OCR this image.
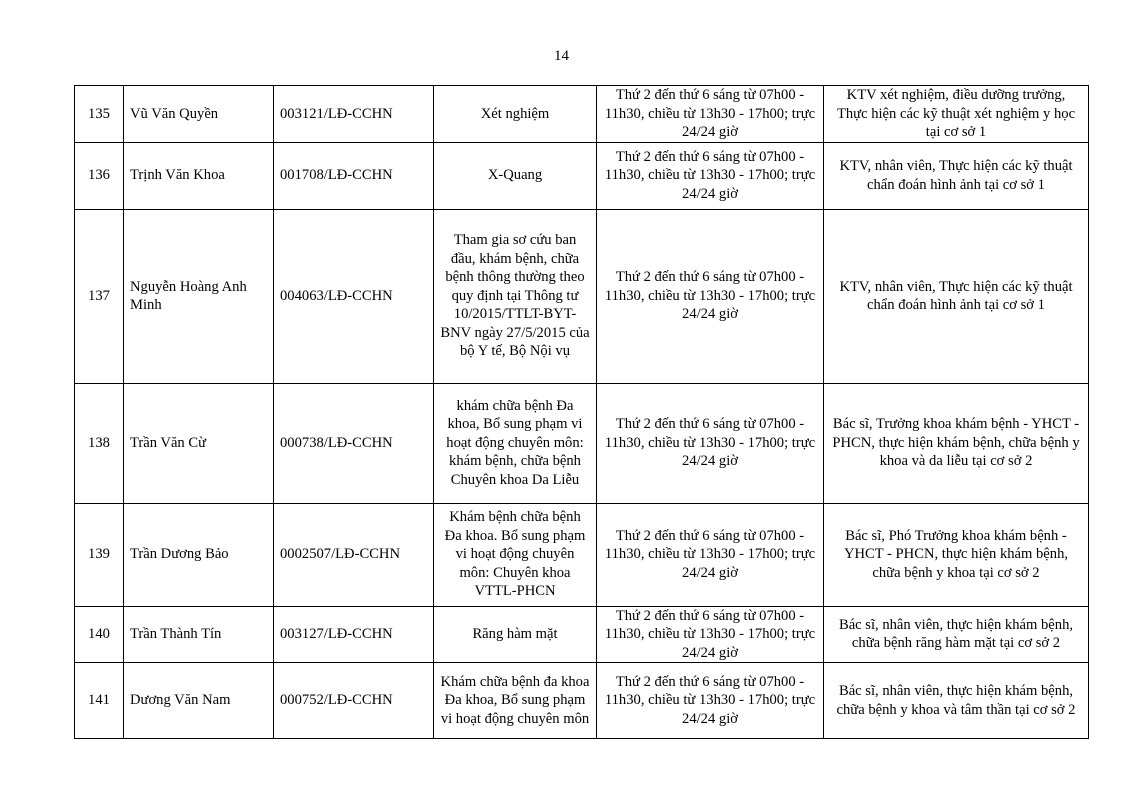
14
135	Vũ Văn Quyền	003121/LĐ-CCHN	Xét nghiệm	Thứ 2 đến thứ 6 sáng từ 07h00 - 11h30, chiều từ 13h30 - 17h00; trực 24/24 giờ	KTV xét nghiệm, điều dưỡng trưởng, Thực hiện các kỹ thuật xét nghiệm y học tại cơ sở 1
136	Trịnh Văn Khoa	001708/LĐ-CCHN	X-Quang	Thứ 2 đến thứ 6 sáng từ 07h00 - 11h30, chiều từ 13h30 - 17h00; trực 24/24 giờ	KTV, nhân viên, Thực hiện các kỹ thuật chẩn đoán hình ảnh tại cơ sở 1
137	Nguyễn Hoàng Anh Minh	004063/LĐ-CCHN	Tham gia sơ cứu ban đầu, khám bệnh, chữa bệnh thông thường theo quy định tại Thông tư 10/2015/TTLT-BYT-BNV ngày 27/5/2015 của bộ Y tế, Bộ Nội vụ	Thứ 2 đến thứ 6 sáng từ 07h00 - 11h30, chiều từ 13h30 - 17h00; trực 24/24 giờ	KTV, nhân viên, Thực hiện các kỹ thuật chẩn đoán hình ảnh tại cơ sở 1
138	Trần Văn Cừ	000738/LĐ-CCHN	khám chữa bệnh Đa khoa, Bổ sung phạm vi hoạt động chuyên môn: khám bệnh, chữa bệnh Chuyên khoa Da Liễu	Thứ 2 đến thứ 6 sáng từ 07h00 - 11h30, chiều từ 13h30 - 17h00; trực 24/24 giờ	Bác sĩ, Trưởng khoa khám bệnh - YHCT - PHCN, thực hiện khám bệnh, chữa bệnh y khoa và da liễu tại cơ sở 2
139	Trần Dương Bảo	0002507/LĐ-CCHN	Khám bệnh chữa bệnh Đa khoa. Bổ sung phạm vi hoạt động chuyên môn: Chuyên khoa VTTL-PHCN	Thứ 2 đến thứ 6 sáng từ 07h00 - 11h30, chiều từ 13h30 - 17h00; trực 24/24 giờ	Bác sĩ, Phó Trưởng khoa khám bệnh - YHCT - PHCN, thực hiện khám bệnh, chữa bệnh y khoa tại cơ sở 2
140	Trần Thành Tín	003127/LĐ-CCHN	Răng hàm mặt	Thứ 2 đến thứ 6 sáng từ 07h00 - 11h30, chiều từ 13h30 - 17h00; trực 24/24 giờ	Bác sĩ, nhân viên, thực hiện khám bệnh, chữa bệnh răng hàm mặt tại cơ sở 2
141	Dương Văn Nam	000752/LĐ-CCHN	Khám chữa bệnh đa khoa Đa khoa, Bổ sung phạm vi hoạt động chuyên môn	Thứ 2 đến thứ 6 sáng từ 07h00 - 11h30, chiều từ 13h30 - 17h00; trực 24/24 giờ	Bác sĩ, nhân viên, thực hiện khám bệnh, chữa bệnh y khoa và tâm thần tại cơ sở 2
